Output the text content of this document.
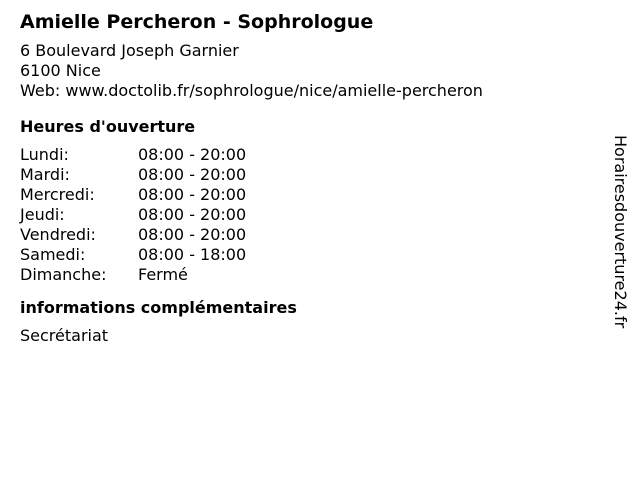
Amielle Percheron - Sophrologue
6 Boulevard Joseph Garnier
6100 Nice
Web: www.doctolib.fr/sophrologue/nice/amielle-percheron
Heures d'ouverture
Lundi:	08:00 - 20:00
Mardi:	08:00 - 20:00
Mercredi:	08:00 - 20:00
Jeudi:	08:00 - 20:00
Vendredi:	08:00 - 20:00
Samedi:	08:00 - 18:00
Dimanche:	Fermé
informations complémentaires
Secrétariat
Horairesdouverture24.fr
